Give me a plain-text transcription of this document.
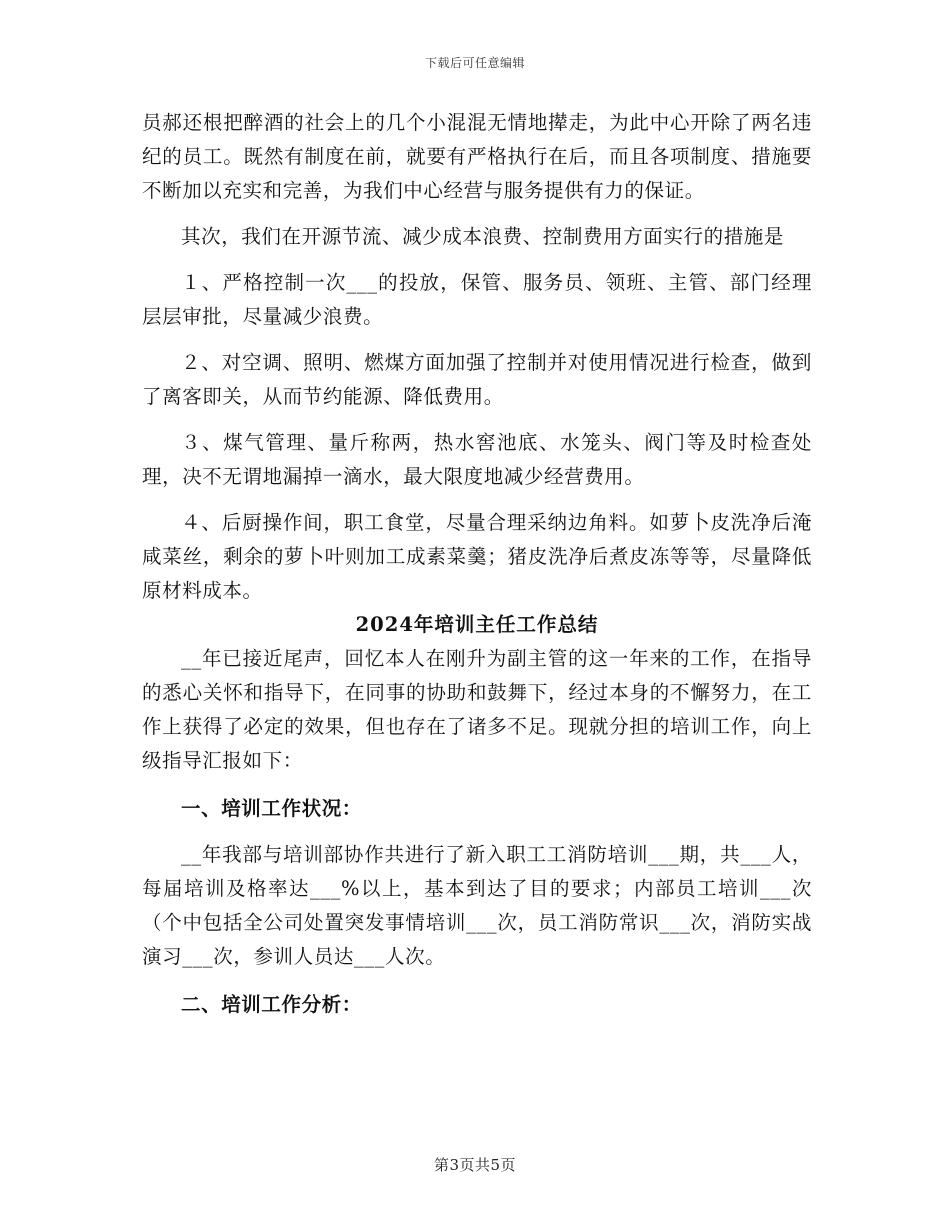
下载后可任意编辑

员郝还根把醉酒的社会上的几个小混混无情地撵走，为此中心开除了两名违纪的员工。既然有制度在前，就要有严格执行在后，而且各项制度、措施要不断加以充实和完善，为我们中心经营与服务提供有力的保证。

其次，我们在开源节流、减少成本浪费、控制费用方面实行的措施是

１、严格控制一次___的投放，保管、服务员、领班、主管、部门经理层层审批，尽量减少浪费。

２、对空调、照明、燃煤方面加强了控制并对使用情况进行检查，做到了离客即关，从而节约能源、降低费用。

３、煤气管理、量斤称两，热水窖池底、水笼头、阀门等及时检查处理，决不无谓地漏掉一滴水，最大限度地减少经营费用。

４、后厨操作间，职工食堂，尽量合理采纳边角料。如萝卜皮洗净后淹咸菜丝，剩余的萝卜叶则加工成素菜羹；猪皮洗净后煮皮冻等等，尽量降低原材料成本。

2024年培训主任工作总结

__年已接近尾声，回忆本人在刚升为副主管的这一年来的工作，在指导的悉心关怀和指导下，在同事的协助和鼓舞下，经过本身的不懈努力，在工作上获得了必定的效果，但也存在了诸多不足。现就分担的培训工作，向上级指导汇报如下：

一、培训工作状况：

__年我部与培训部协作共进行了新入职工工消防培训___期，共___人，每届培训及格率达___%以上，基本到达了目的要求；内部员工培训___次（个中包括全公司处置突发事情培训___次，员工消防常识___次，消防实战演习___次，参训人员达___人次。

二、培训工作分析：

第3页共5页
